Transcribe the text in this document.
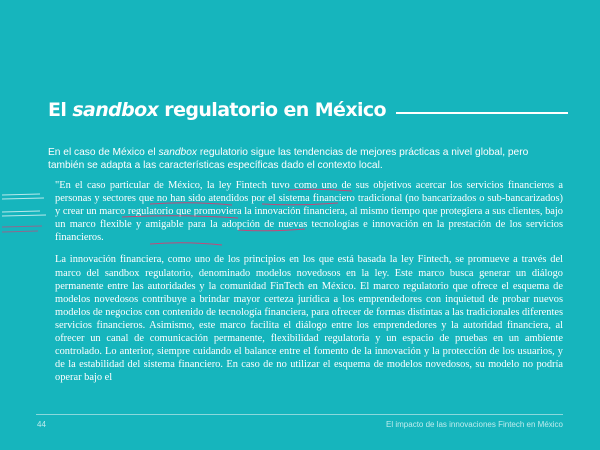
El sandbox regulatorio en México
En el caso de México el sandbox regulatorio sigue las tendencias de mejores prácticas a nivel global, pero también se adapta a las características específicas dado el contexto local.

"En el caso particular de México, la ley Fintech tuvo como uno de sus objetivos acercar los servicios financieros a personas y sectores que no han sido atendidos por el sistema financiero tradicional (no bancarizados o sub-bancarizados) y crear un marco regulatorio que promoviera la innovación financiera, al mismo tiempo que protegiera a sus clientes, bajo un marco flexible y amigable para la adopción de nuevas tecnologías e innovación en la prestación de los servicios financieros.

La innovación financiera, como uno de los principios en los que está basada la ley Fintech, se promueve a través del marco del sandbox regulatorio, denominado modelos novedosos en la ley. Este marco busca generar un diálogo permanente entre las autoridades y la comunidad FinTech en México. El marco regulatorio que ofrece el esquema de modelos novedosos contribuye a brindar mayor certeza jurídica a los emprendedores con inquietud de probar nuevos modelos de negocios con contenido de tecnología financiera, para ofrecer de formas distintas a las tradicionales diferentes servicios financieros. Asimismo, este marco facilita el diálogo entre los emprendedores y la autoridad financiera, al ofrecer un canal de comunicación permanente, flexibilidad regulatoria y un espacio de pruebas en un ambiente controlado. Lo anterior, siempre cuidando el balance entre el fomento de la innovación y la protección de los usuarios, y de la estabilidad del sistema financiero. En caso de no utilizar el esquema de modelos novedosos, su modelo no podría operar bajo el

44	El impacto de las innovaciones Fintech en México
